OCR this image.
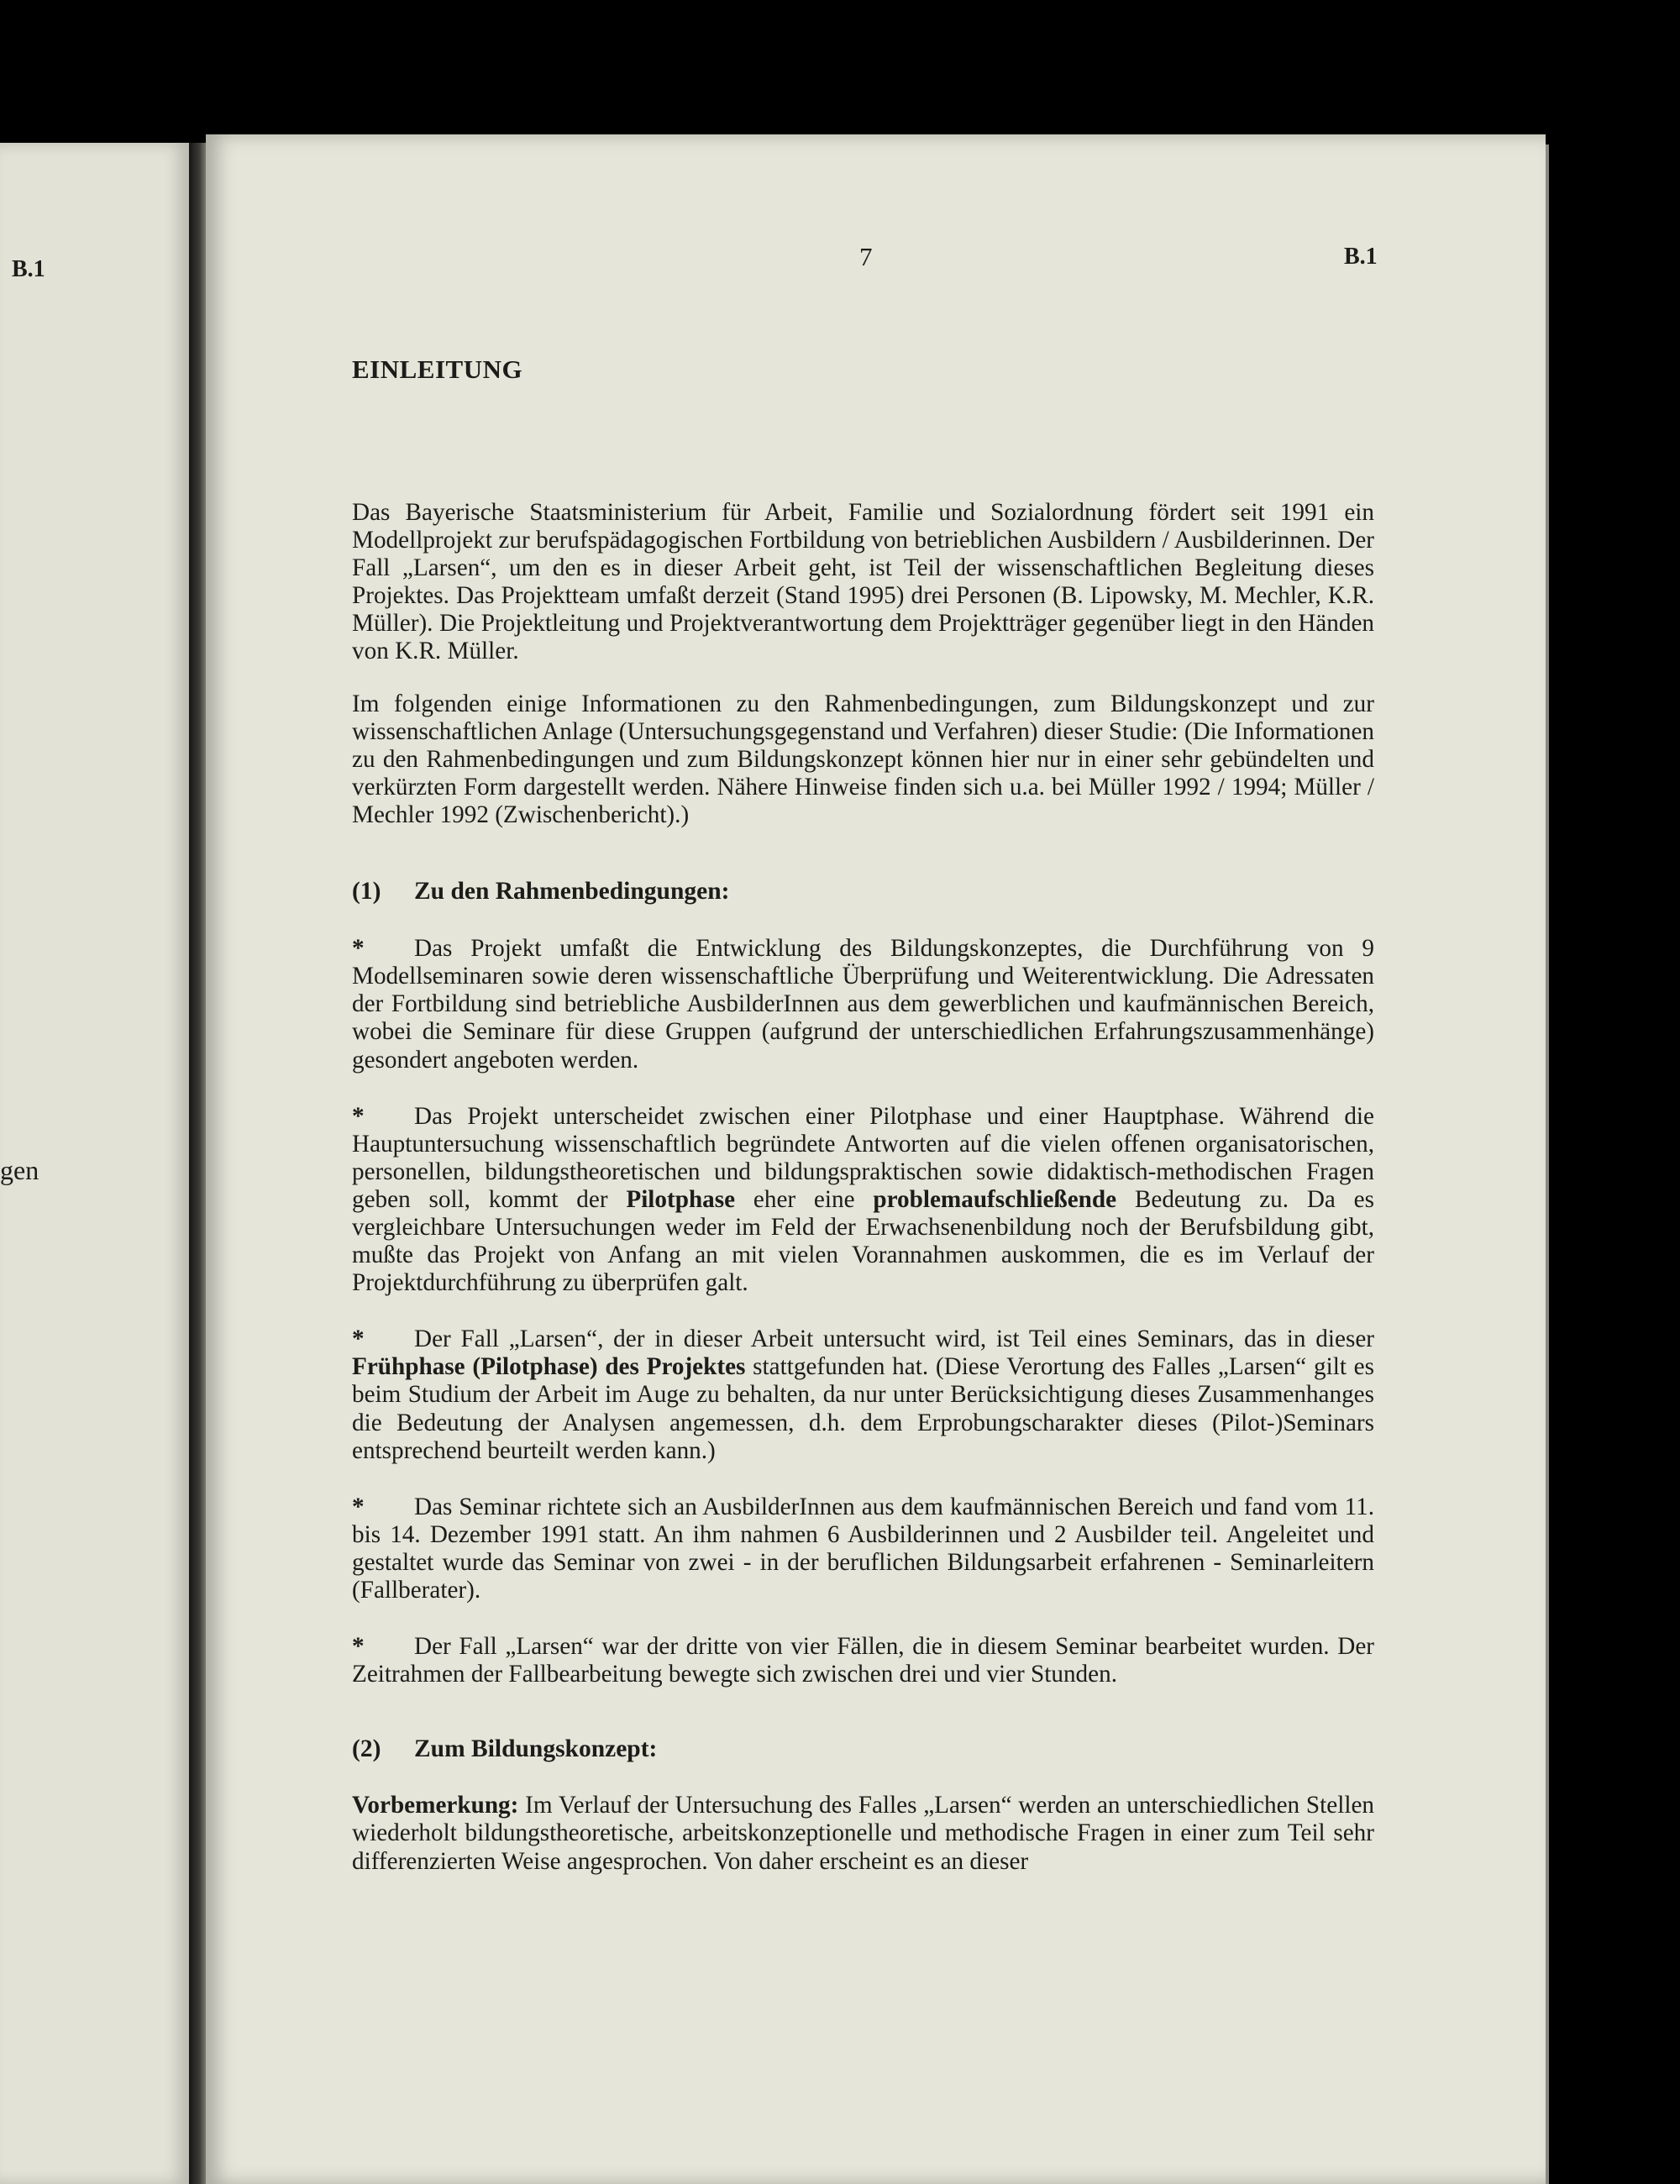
B.1
gen
7	B.1
EINLEITUNG

Das Bayerische Staatsministerium für Arbeit, Familie und Sozialordnung fördert seit 1991 ein Modellprojekt zur berufspädagogischen Fortbildung von betrieblichen Ausbildern / Ausbilderinnen. Der Fall „Larsen“, um den es in dieser Arbeit geht, ist Teil der wissenschaftlichen Begleitung dieses Projektes. Das Projektteam umfaßt derzeit (Stand 1995) drei Personen (B. Lipowsky, M. Mechler, K.R. Müller). Die Projektleitung und Projektverantwortung dem Projektträger gegenüber liegt in den Händen von K.R. Müller.

Im folgenden einige Informationen zu den Rahmenbedingungen, zum Bildungskonzept und zur wissenschaftlichen Anlage (Untersuchungsgegenstand und Verfahren) dieser Studie: (Die Informationen zu den Rahmenbedingungen und zum Bildungskonzept können hier nur in einer sehr gebündelten und verkürzten Form dargestellt werden. Nähere Hinweise finden sich u.a. bei Müller 1992 / 1994; Müller / Mechler 1992 (Zwischenbericht).)

(1) Zu den Rahmenbedingungen:

* Das Projekt umfaßt die Entwicklung des Bildungskonzeptes, die Durchführung von 9 Modellseminaren sowie deren wissenschaftliche Überprüfung und Weiterentwicklung. Die Adressaten der Fortbildung sind betriebliche AusbilderInnen aus dem gewerblichen und kaufmännischen Bereich, wobei die Seminare für diese Gruppen (aufgrund der unterschiedlichen Erfahrungszusammenhänge) gesondert angeboten werden.

* Das Projekt unterscheidet zwischen einer Pilotphase und einer Hauptphase. Während die Hauptuntersuchung wissenschaftlich begründete Antworten auf die vielen offenen organisatorischen, personellen, bildungstheoretischen und bildungspraktischen sowie didaktisch-methodischen Fragen geben soll, kommt der Pilotphase eher eine problemaufschließende Bedeutung zu. Da es vergleichbare Untersuchungen weder im Feld der Erwachsenenbildung noch der Berufsbildung gibt, mußte das Projekt von Anfang an mit vielen Vorannahmen auskommen, die es im Verlauf der Projektdurchführung zu überprüfen galt.

* Der Fall „Larsen“, der in dieser Arbeit untersucht wird, ist Teil eines Seminars, das in dieser Frühphase (Pilotphase) des Projektes stattgefunden hat. (Diese Verortung des Falles „Larsen“ gilt es beim Studium der Arbeit im Auge zu behalten, da nur unter Berücksichtigung dieses Zusammenhanges die Bedeutung der Analysen angemessen, d.h. dem Erprobungscharakter dieses (Pilot-)Seminars entsprechend beurteilt werden kann.)

* Das Seminar richtete sich an AusbilderInnen aus dem kaufmännischen Bereich und fand vom 11. bis 14. Dezember 1991 statt. An ihm nahmen 6 Ausbilderinnen und 2 Ausbilder teil. Angeleitet und gestaltet wurde das Seminar von zwei - in der beruflichen Bildungsarbeit erfahrenen - Seminarleitern (Fallberater).

* Der Fall „Larsen“ war der dritte von vier Fällen, die in diesem Seminar bearbeitet wurden. Der Zeitrahmen der Fallbearbeitung bewegte sich zwischen drei und vier Stunden.

(2) Zum Bildungskonzept:

Vorbemerkung: Im Verlauf der Untersuchung des Falles „Larsen“ werden an unterschiedlichen Stellen wiederholt bildungstheoretische, arbeitskonzeptionelle und methodische Fragen in einer zum Teil sehr differenzierten Weise angesprochen. Von daher erscheint es an dieser
